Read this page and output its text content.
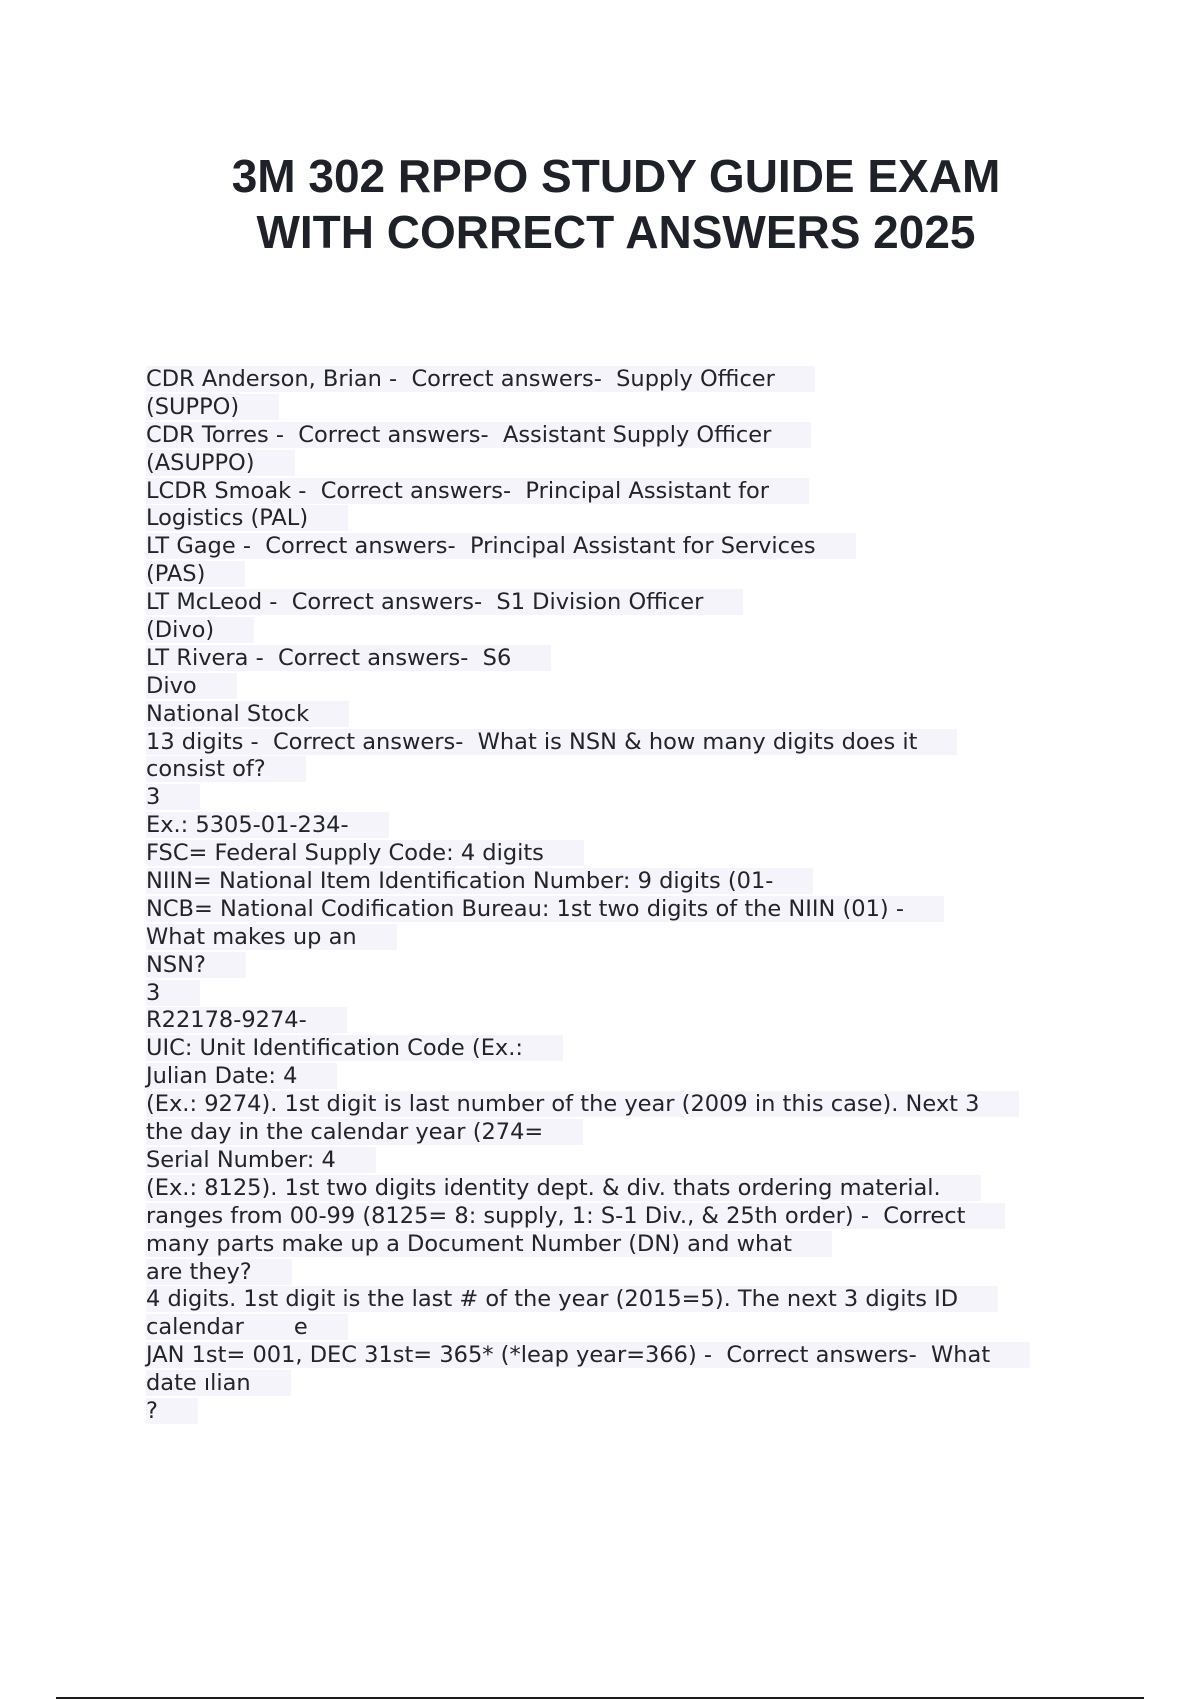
3M 302 RPPO STUDY GUIDE EXAM
WITH CORRECT ANSWERS 2025
CDR Anderson, Brian -  Correct answers-  Supply Officer
(SUPPO)
CDR Torres -  Correct answers-  Assistant Supply Officer
(ASUPPO)
LCDR Smoak -  Correct answers-  Principal Assistant for
Logistics (PAL)
LT Gage -  Correct answers-  Principal Assistant for Services
(PAS)
LT McLeod -  Correct answers-  S1 Division Officer
(Divo)
LT Rivera -  Correct answers-  S6
Divo
National Stock
13 digits -  Correct answers-  What is NSN & how many digits does it
consist of?
3
Ex.: 5305-01-234-
FSC= Federal Supply Code: 4 digits
NIIN= National Item Identification Number: 9 digits (01-
NCB= National Codification Bureau: 1st two digits of the NIIN (01) -
What makes up an
NSN?
3
R22178-9274-
UIC: Unit Identification Code (Ex.:
Julian Date: 4
(Ex.: 9274). 1st digit is last number of the year (2009 in this case). Next 3
the day in the calendar year (274=
Serial Number: 4
(Ex.: 8125). 1st two digits identity dept. & div. thats ordering material.
ranges from 00-99 (8125= 8: supply, 1: S-1 Div., & 25th order) -  Correct
many parts make up a Document Number (DN) and what
are they?
4 digits. 1st digit is the last # of the year (2015=5). The next 3 digits ID
calendar       e
JAN 1st= 001, DEC 31st= 365* (*leap year=366) -  Correct answers-  What
date ılian
?
